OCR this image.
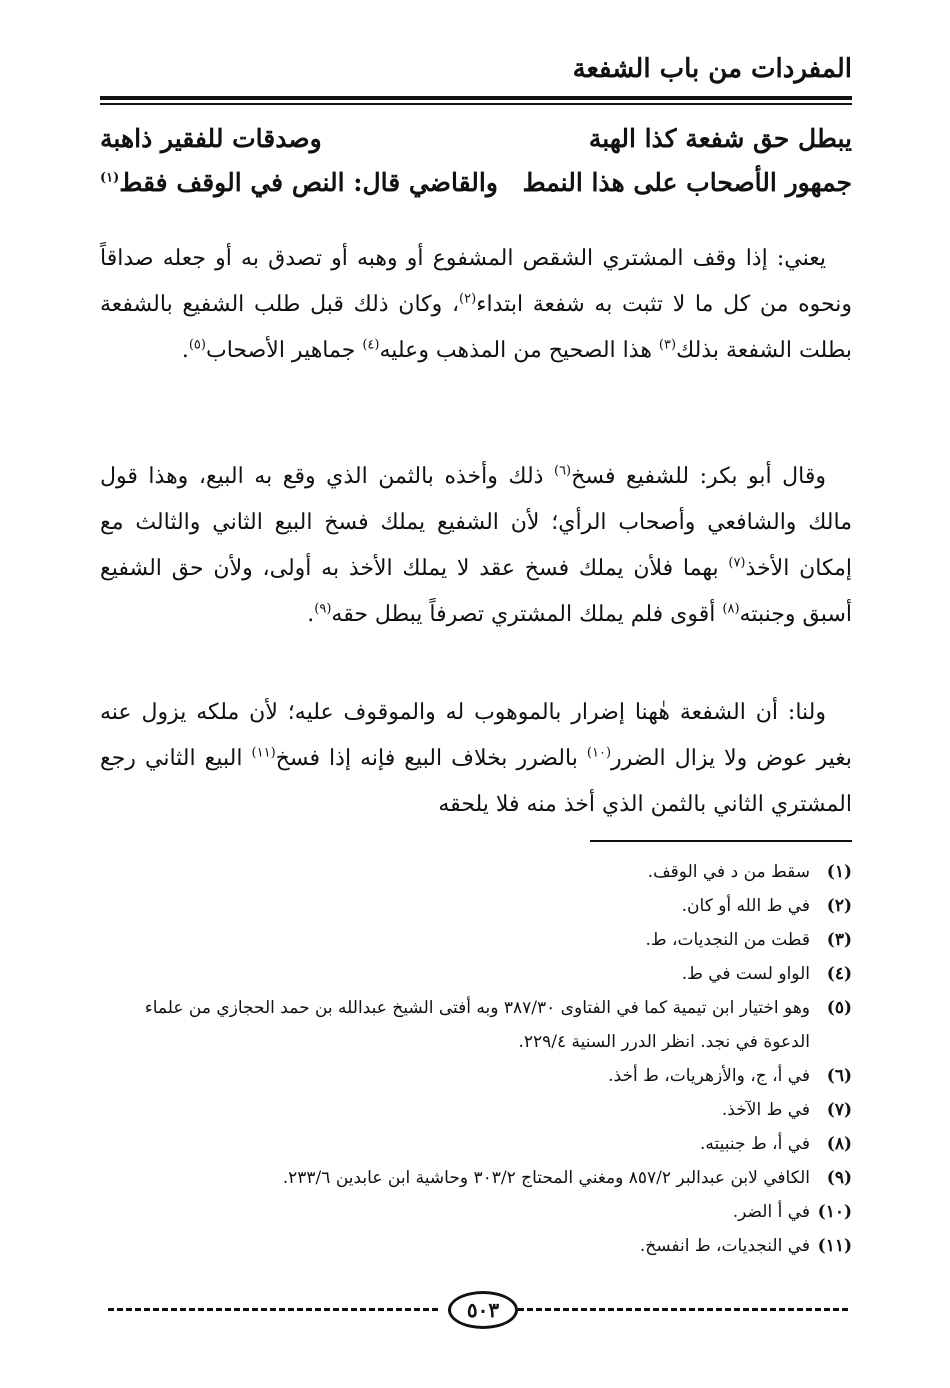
المفردات من باب الشفعة
يبطل حق شفعة كذا الهبة
وصدقات للفقير ذاهبة
جمهور الأصحاب على هذا النمط
والقاضي قال: النص في الوقف فقط$^{(١)}$

يعني: إذا وقف المشتري الشقص المشفوع أو وهبه أو تصدق به أو جعله صداقاً ونحوه من كل ما لا تثبت به شفعة ابتداء$^{(٢)}$، وكان ذلك قبل طلب الشفيع بالشفعة بطلت الشفعة بذلك$^{(٣)}$ هذا الصحيح من المذهب وعليه$^{(٤)}$ جماهير الأصحاب$^{(٥)}$.

وقال أبو بكر: للشفيع فسخ$^{(٦)}$ ذلك وأخذه بالثمن الذي وقع به البيع، وهذا قول مالك والشافعي وأصحاب الرأي؛ لأن الشفيع يملك فسخ البيع الثاني والثالث مع إمكان الأخذ$^{(٧)}$ بهما فلأن يملك فسخ عقد لا يملك الأخذ به أولى، ولأن حق الشفيع أسبق وجنبته$^{(٨)}$ أقوى فلم يملك المشتري تصرفاً يبطل حقه$^{(٩)}$.

ولنا: أن الشفعة هٰهنا إضرار بالموهوب له والموقوف عليه؛ لأن ملكه يزول عنه بغير عوض ولا يزال الضرر$^{(١٠)}$ بالضرر بخلاف البيع فإنه إذا فسخ$^{(١١)}$ البيع الثاني رجع المشتري الثاني بالثمن الذي أخذ منه فلا يلحقه

(١)
سقط من د في الوقف.
(٢)
في ط الله أو كان.
(٣)
قطت من النجديات، ط.
(٤)
الواو لست في ط.
(٥)
وهو اختيار ابن تيمية كما في الفتاوى ٣٨٧/٣٠ وبه أفتى الشيخ عبدالله بن حمد الحجازي من علماء الدعوة في نجد. انظر الدرر السنية ٢٢٩/٤.
(٦)
في أ، ج، والأزهريات، ط أخذ.
(٧)
في ط الآخذ.
(٨)
في أ، ط جنبيته.
(٩)
الكافي لابن عبدالبر ٨٥٧/٢ ومغني المحتاج ٣٠٣/٢ وحاشية ابن عابدين ٢٣٣/٦.
(١٠)
في أ الضر.
(١١)
في النجديات، ط انفسخ.
٥٠٣
